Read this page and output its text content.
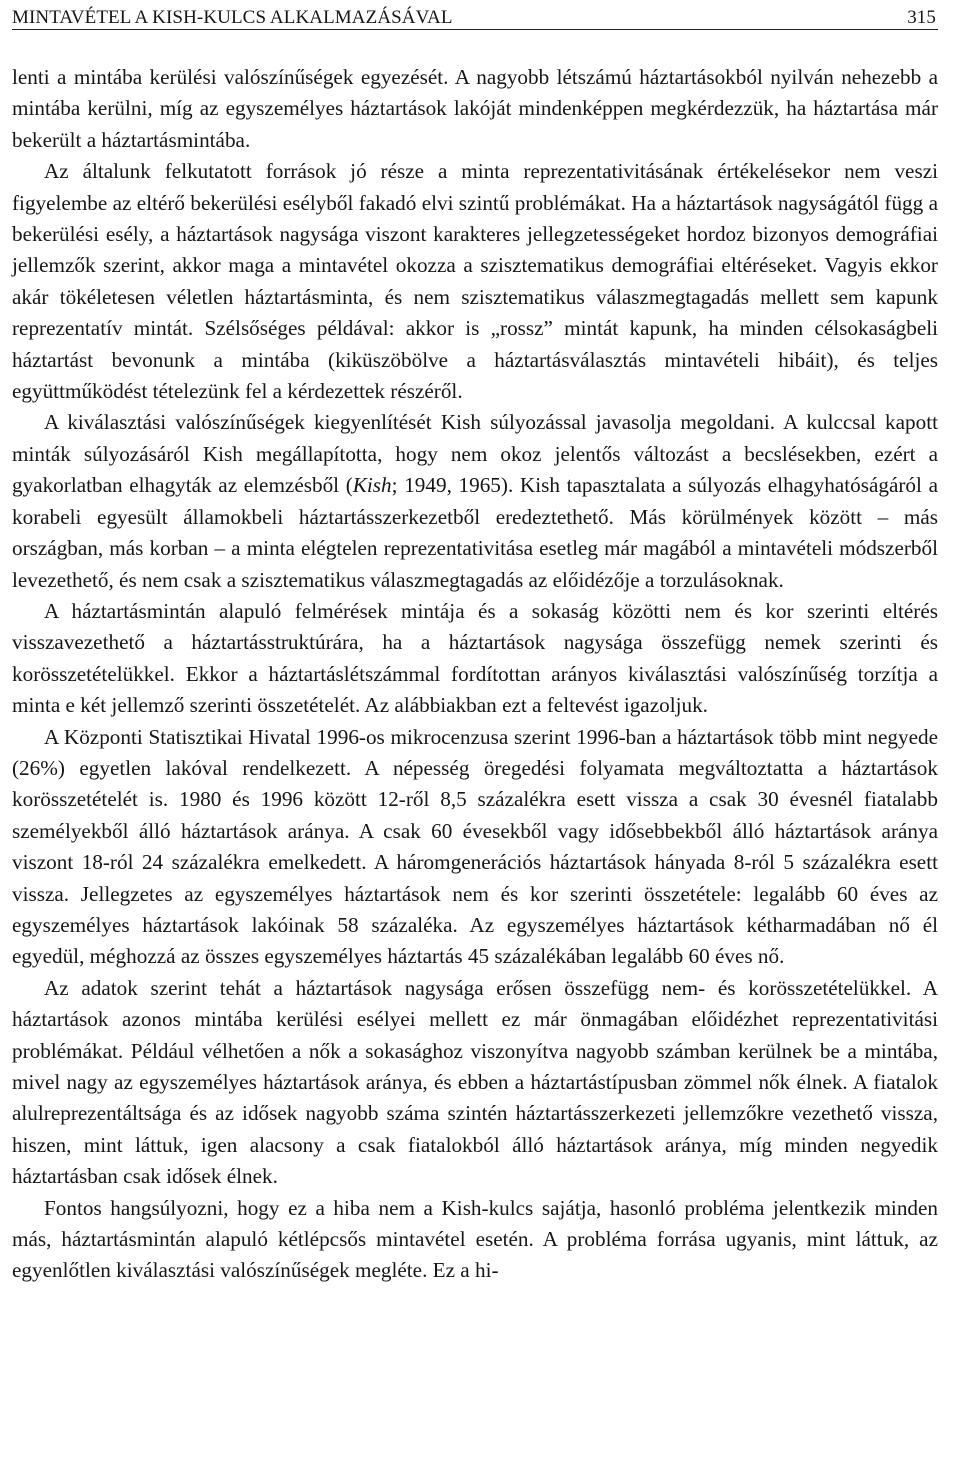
MINTAVÉTEL A KISH-KULCS ALKALMAZÁSÁVAL	315

lenti a mintába kerülési valószínűségek egyezését. A nagyobb létszámú háztartásokból nyilván nehezebb a mintába kerülni, míg az egyszemélyes háztartások lakóját mindenképpen megkérdezzük, ha háztartása már bekerült a háztartásmintába.

Az általunk felkutatott források jó része a minta reprezentativitásának értékelésekor nem veszi figyelembe az eltérő bekerülési esélyből fakadó elvi szintű problémákat. Ha a háztartások nagyságától függ a bekerülési esély, a háztartások nagysága viszont karakteres jellegzetességeket hordoz bizonyos demográfiai jellemzők szerint, akkor maga a mintavétel okozza a szisztematikus demográfiai eltéréseket. Vagyis ekkor akár tökéletesen véletlen háztartásminta, és nem szisztematikus válaszmegtagadás mellett sem kapunk reprezentatív mintát. Szélsőséges példával: akkor is „rossz” mintát kapunk, ha minden célsokaságbeli háztartást bevonunk a mintába (kiküszöbölve a háztartásválasztás mintavételi hibáit), és teljes együttműködést tételezünk fel a kérdezettek részéről.

A kiválasztási valószínűségek kiegyenlítését Kish súlyozással javasolja megoldani. A kulccsal kapott minták súlyozásáról Kish megállapította, hogy nem okoz jelentős változást a becslésekben, ezért a gyakorlatban elhagyták az elemzésből (Kish; 1949, 1965). Kish tapasztalata a súlyozás elhagyhatóságáról a korabeli egyesült államokbeli háztartásszerkezetből eredeztethető. Más körülmények között – más országban, más korban – a minta elégtelen reprezentativitása esetleg már magából a mintavételi módszerből levezethető, és nem csak a szisztematikus válaszmegtagadás az előidézője a torzulásoknak.

A háztartásmintán alapuló felmérések mintája és a sokaság közötti nem és kor szerinti eltérés visszavezethető a háztartásstruktúrára, ha a háztartások nagysága összefügg nemek szerinti és korösszetételükkel. Ekkor a háztartáslétszámmal fordítottan arányos kiválasztási valószínűség torzítja a minta e két jellemző szerinti összetételét. Az alábbiakban ezt a feltevést igazoljuk.

A Központi Statisztikai Hivatal 1996-os mikrocenzusa szerint 1996-ban a háztartások több mint negyede (26%) egyetlen lakóval rendelkezett. A népesség öregedési folyamata megváltoztatta a háztartások korösszetételét is. 1980 és 1996 között 12-ről 8,5 százalékra esett vissza a csak 30 évesnél fiatalabb személyekből álló háztartások aránya. A csak 60 évesekből vagy idősebbekből álló háztartások aránya viszont 18-ról 24 százalékra emelkedett. A háromgenerációs háztartások hányada 8-ról 5 százalékra esett vissza. Jellegzetes az egyszemélyes háztartások nem és kor szerinti összetétele: legalább 60 éves az egyszemélyes háztartások lakóinak 58 százaléka. Az egyszemélyes háztartások kétharmadában nő él egyedül, méghozzá az összes egyszemélyes háztartás 45 százalékában legalább 60 éves nő.

Az adatok szerint tehát a háztartások nagysága erősen összefügg nem- és korösszetételükkel. A háztartások azonos mintába kerülési esélyei mellett ez már önmagában előidézhet reprezentativitási problémákat. Például vélhetően a nők a sokasághoz viszonyítva nagyobb számban kerülnek be a mintába, mivel nagy az egyszemélyes háztartások aránya, és ebben a háztartástípusban zömmel nők élnek. A fiatalok alulreprezentáltsága és az idősek nagyobb száma szintén háztartásszerkezeti jellemzőkre vezethető vissza, hiszen, mint láttuk, igen alacsony a csak fiatalokból álló háztartások aránya, míg minden negyedik háztartásban csak idősek élnek.

Fontos hangsúlyozni, hogy ez a hiba nem a Kish-kulcs sajátja, hasonló probléma jelentkezik minden más, háztartásmintán alapuló kétlépcsős mintavétel esetén. A probléma forrása ugyanis, mint láttuk, az egyenlőtlen kiválasztási valószínűségek megléte. Ez a hi-
